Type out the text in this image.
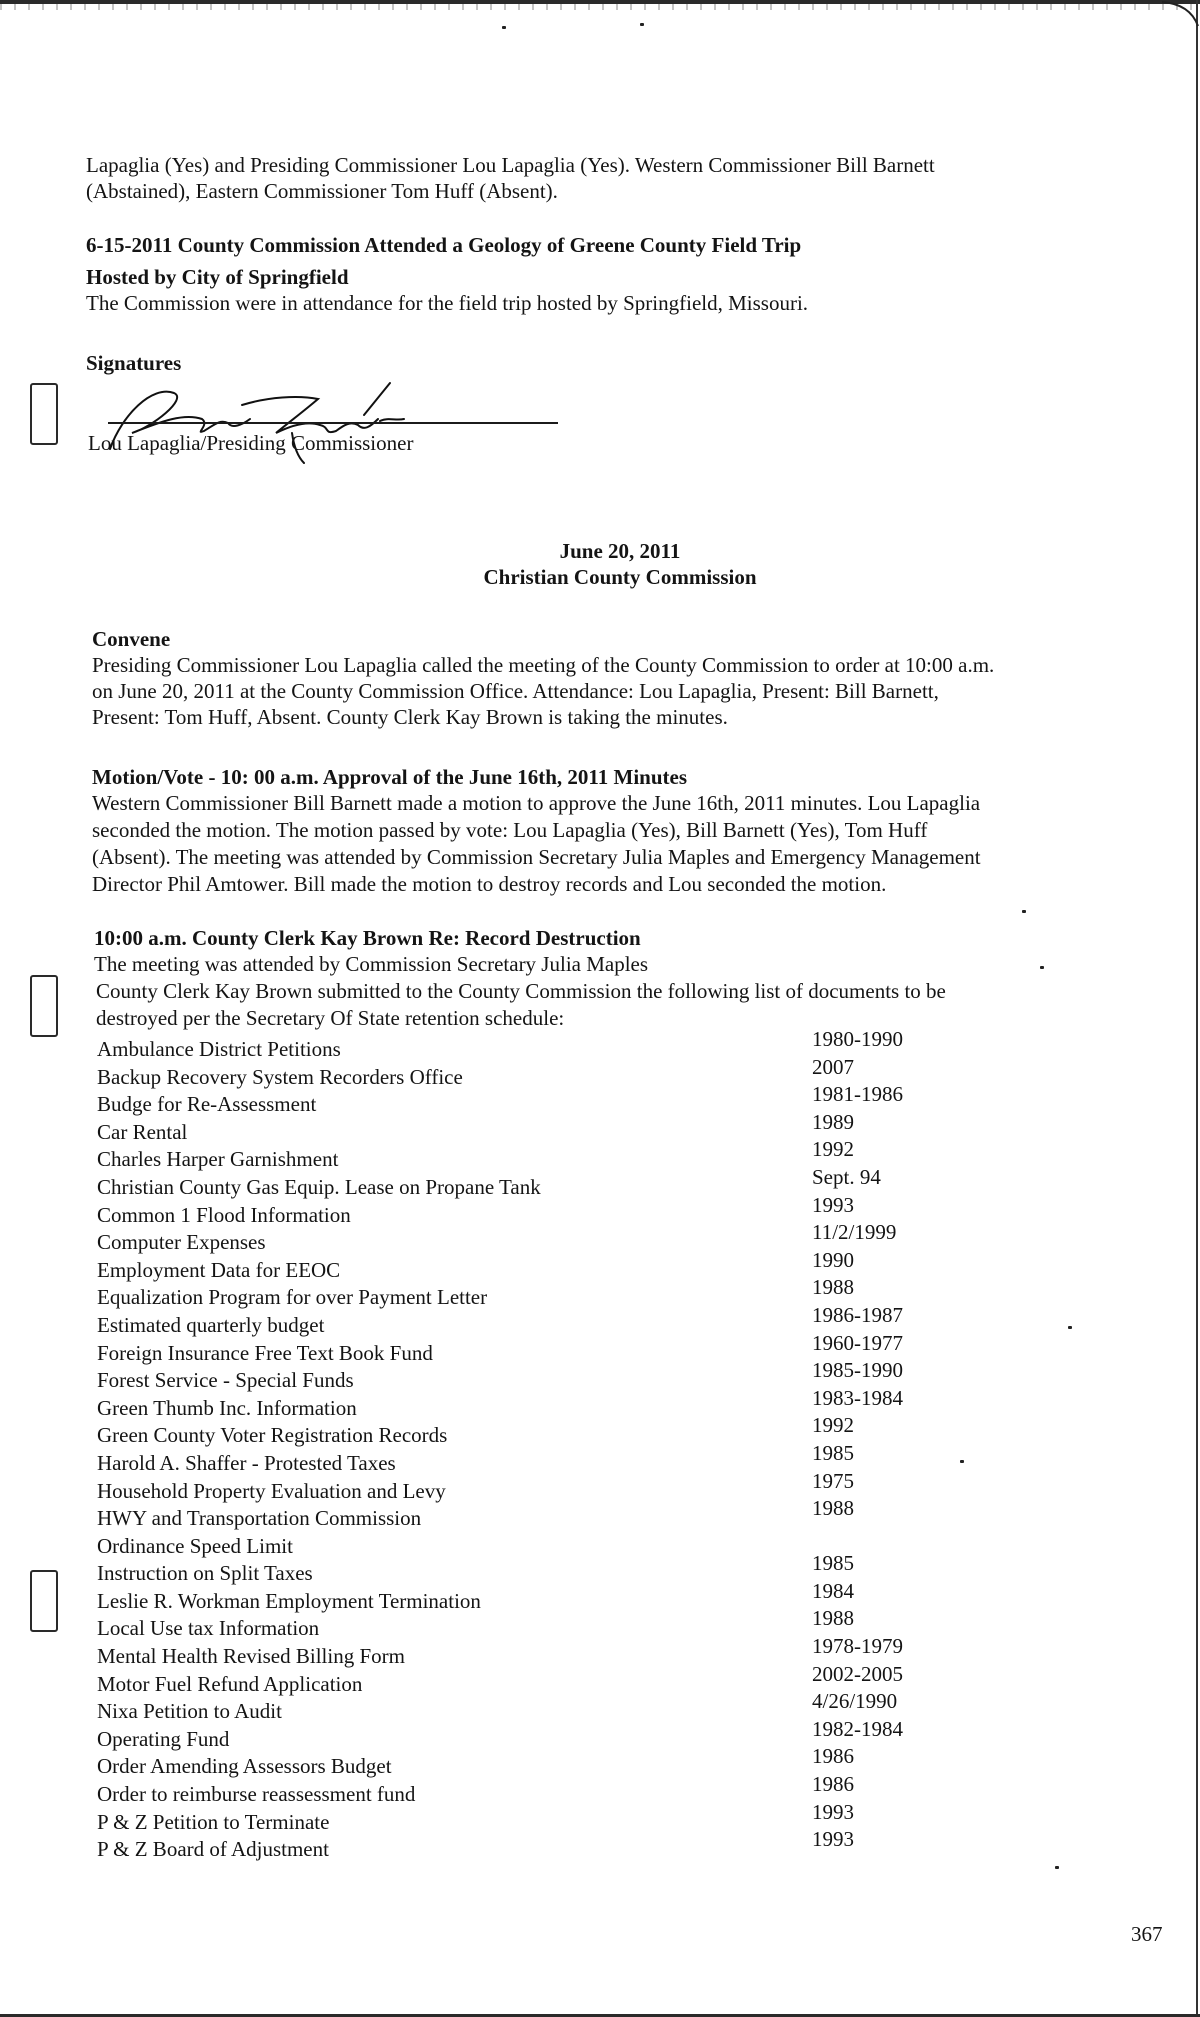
Lapaglia (Yes) and Presiding Commissioner Lou Lapaglia (Yes). Western Commissioner Bill Barnett
(Abstained), Eastern Commissioner Tom Huff (Absent).
6-15-2011 County Commission Attended a Geology of Greene County Field Trip
Hosted by City of Springfield
The Commission were in attendance for the field trip hosted by Springfield, Missouri.
Signatures
Lou Lapaglia/Presiding Commissioner
June 20, 2011
Christian County Commission
Convene
Presiding Commissioner Lou Lapaglia called the meeting of the County Commission to order at 10:00 a.m.
on June 20, 2011 at the County Commission Office. Attendance: Lou Lapaglia, Present: Bill Barnett,
Present: Tom Huff, Absent. County Clerk Kay Brown is taking the minutes.
Motion/Vote - 10: 00 a.m. Approval of the June 16th, 2011 Minutes
Western Commissioner Bill Barnett made a motion to approve the June 16th, 2011 minutes. Lou Lapaglia
seconded the motion. The motion passed by vote: Lou Lapaglia (Yes), Bill Barnett (Yes), Tom Huff
(Absent). The meeting was attended by Commission Secretary Julia Maples and Emergency Management
Director Phil Amtower. Bill made the motion to destroy records and Lou seconded the motion.
10:00 a.m. County Clerk Kay Brown Re: Record Destruction
The meeting was attended by Commission Secretary Julia Maples
County Clerk Kay Brown submitted to the County Commission the following list of documents to be
destroyed per the Secretary Of State retention schedule:
Ambulance District Petitions	1980-1990
Backup Recovery System Recorders Office	2007
Budge for Re-Assessment	1981-1986
Car Rental	1989
Charles Harper Garnishment	1992
Christian County Gas Equip. Lease on Propane Tank	Sept. 94
Common 1 Flood Information	1993
Computer Expenses	11/2/1999
Employment Data for EEOC	1990
Equalization Program for over Payment Letter	1988
Estimated quarterly budget	1986-1987
Foreign Insurance Free Text Book Fund	1960-1977
Forest Service - Special Funds	1985-1990
Green Thumb Inc. Information	1983-1984
Green County Voter Registration Records	1992
Harold A. Shaffer - Protested Taxes	1985
Household Property Evaluation and Levy	1975
HWY and Transportation Commission	1988
Ordinance Speed Limit
Instruction on Split Taxes	1985
Leslie R. Workman Employment Termination	1984
Local Use tax Information	1988
Mental Health Revised Billing Form	1978-1979
Motor Fuel Refund Application	2002-2005
Nixa Petition to Audit	4/26/1990
Operating Fund	1982-1984
Order Amending Assessors Budget	1986
Order to reimburse reassessment fund	1986
P & Z Petition to Terminate	1993
P & Z Board of Adjustment	1993
367
